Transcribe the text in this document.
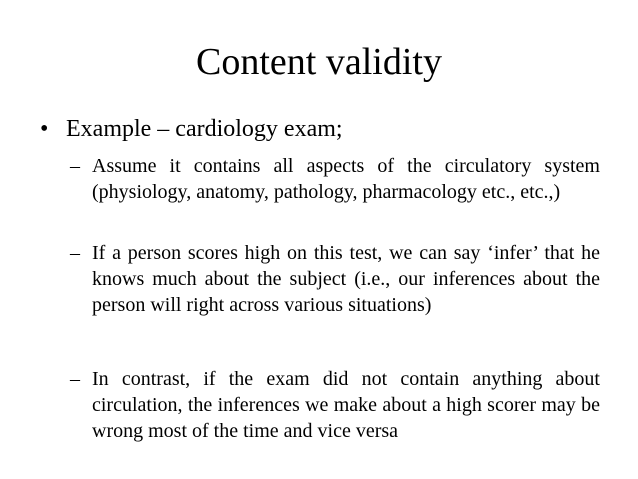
Content validity
• Example – cardiology exam;
– Assume it contains all aspects of the circulatory system (physiology, anatomy, pathology, pharmacology etc., etc.,)
– If a person scores high on this test, we can say ‘infer’ that he knows much about the subject (i.e., our inferences about the person will right across various situations)
– In contrast, if the exam did not contain anything about circulation, the inferences we make about a high scorer may be wrong most of the time and vice versa
